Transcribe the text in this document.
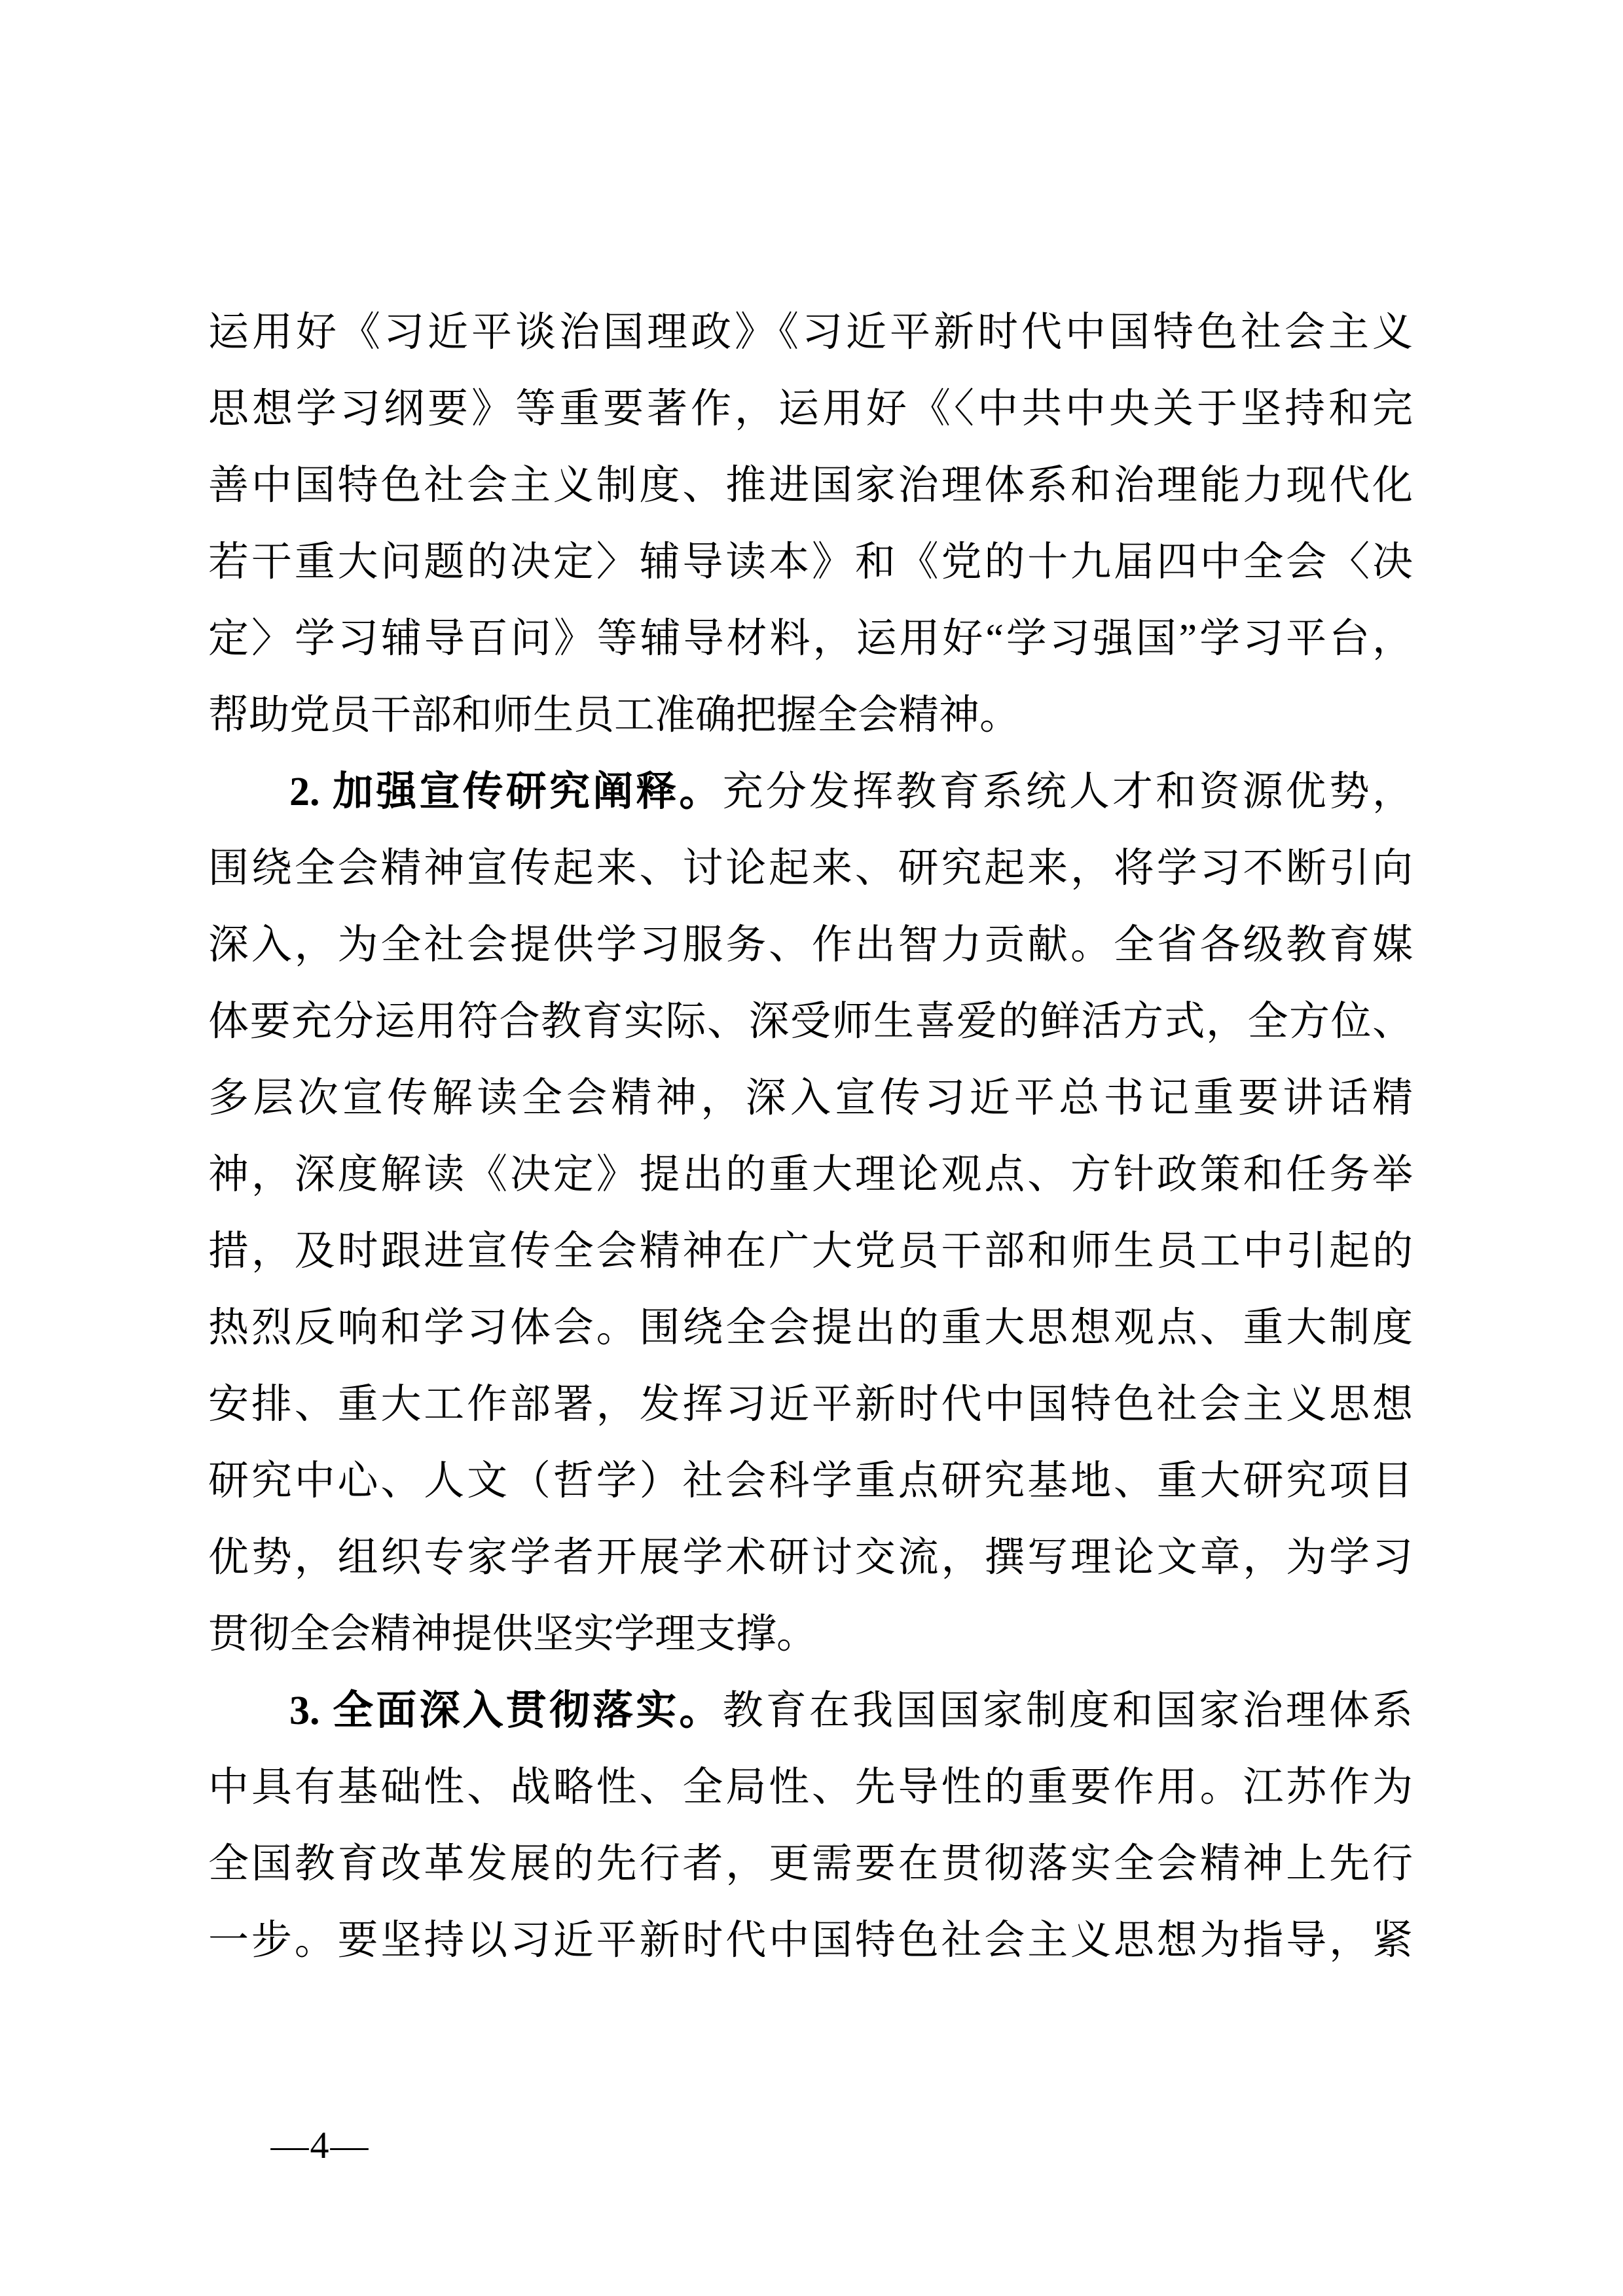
运用好《习近平谈治国理政》《习近平新时代中国特色社会主义
思想学习纲要》等重要著作，运用好《〈中共中央关于坚持和完
善中国特色社会主义制度、推进国家治理体系和治理能力现代化
若干重大问题的决定〉辅导读本》和《党的十九届四中全会〈决
定〉学习辅导百问》等辅导材料，运用好“学习强国”学习平台，
帮助党员干部和师生员工准确把握全会精神。
2. 加强宣传研究阐释。充分发挥教育系统人才和资源优势，
围绕全会精神宣传起来、讨论起来、研究起来，将学习不断引向
深入，为全社会提供学习服务、作出智力贡献。全省各级教育媒
体要充分运用符合教育实际、深受师生喜爱的鲜活方式，全方位、
多层次宣传解读全会精神，深入宣传习近平总书记重要讲话精
神，深度解读《决定》提出的重大理论观点、方针政策和任务举
措，及时跟进宣传全会精神在广大党员干部和师生员工中引起的
热烈反响和学习体会。围绕全会提出的重大思想观点、重大制度
安排、重大工作部署，发挥习近平新时代中国特色社会主义思想
研究中心、人文（哲学）社会科学重点研究基地、重大研究项目
优势，组织专家学者开展学术研讨交流，撰写理论文章，为学习
贯彻全会精神提供坚实学理支撑。
3. 全面深入贯彻落实。教育在我国国家制度和国家治理体系
中具有基础性、战略性、全局性、先导性的重要作用。江苏作为
全国教育改革发展的先行者，更需要在贯彻落实全会精神上先行
一步。要坚持以习近平新时代中国特色社会主义思想为指导，紧
—4—
